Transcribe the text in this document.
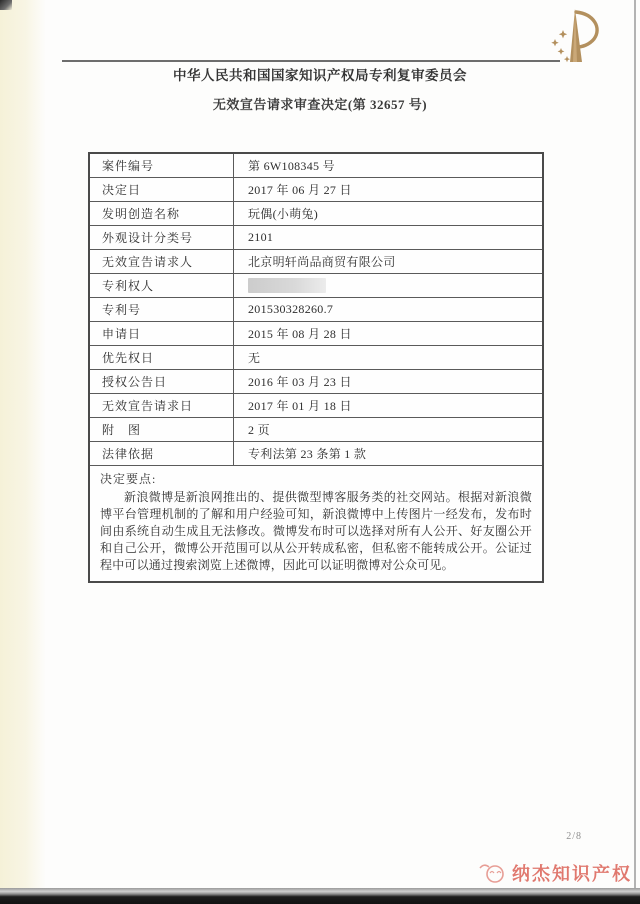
中华人民共和国国家知识产权局专利复审委员会
无效宣告请求审查决定(第 32657 号)
案件编号	第 6W108345 号
决定日	2017 年 06 月 27 日
发明创造名称	玩偶(小萌兔)
外观设计分类号	2101
无效宣告请求人	北京明轩尚品商贸有限公司
专利权人
专利号	201530328260.7
申请日	2015 年 08 月 28 日
优先权日	无
授权公告日	2016 年 03 月 23 日
无效宣告请求日	2017 年 01 月 18 日
附　图	2 页
法律依据	专利法第 23 条第 1 款
决定要点:

新浪微博是新浪网推出的、提供微型博客服务类的社交网站。根据对新浪微博平台管理机制的了解和用户经验可知，新浪微博中上传图片一经发布，发布时间由系统自动生成且无法修改。微博发布时可以选择对所有人公开、好友圈公开和自己公开，微博公开范围可以从公开转成私密，但私密不能转成公开。公证过程中可以通过搜索浏览上述微博，因此可以证明微博对公众可见。

2/8
纳杰知识产权
